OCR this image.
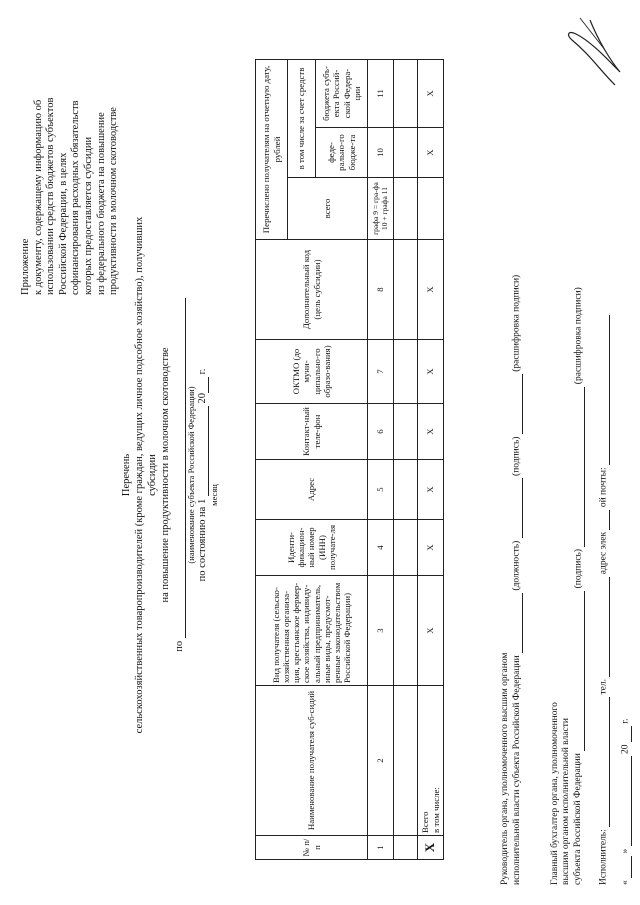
Приложение к документу, содержащему информацию об использовании средств бюджетов субъектов Российской Федерации, в целях софинансирования расходных обязательств которых предоставляется субсидии из федерального бюджета на повышение продуктивности в молочном скотоводстве
Перечень сельскохозяйственных товаропроизводителей (кроме граждан, ведущих личное подсобное хозяйство), получивших субсидии на повышение продуктивности в молочном скотоводстве
по
(наименование субъекта Российской Федерации) по состоянию на 1  20 г.
месяц
№ п/п	Наименование получателя суб-сидий	Вид получателя (сельско-хозяйственная организа-ция, крестьянское фермер-ское хозяйства, индивиду-альный предприниматель, иные виды, предусмот-ренные законодательством Российской Федерации)	Иденти-фикацион-ный номер (ИНН) получате-ля	Адрес	Контакт-ный теле-фон	ОКТМО (до муни-ципально-го образо-вания)	Дополнительный код (цель субсидии)	Перечислено получателям на отчетную дату, рублей		
								всего	в том числе за счет средств	
									феде-рально-го бюдже-та	бюджета субъ-екта Россий-ской Федера-ции
1	2	3	4	5	6	7	8	графа 9 = гра-фа 10 + графа 11	10	11

X	Всего в том числе:	X	X	X	X	X	X		X	X
Руководитель органа, уполномоченного высшим органом исполнительной власти субъекта Российской Федерации  (должность)  (подпись)  (расшифровка подписи)
Главный бухгалтер органа, уполномоченного высшим органом исполнительной власти субъекта Российской Федерации  (подпись)  (расшифровка подписи)
Исполнитель:  тел.  адрес элек  ой почты:
«  »  20  г.
